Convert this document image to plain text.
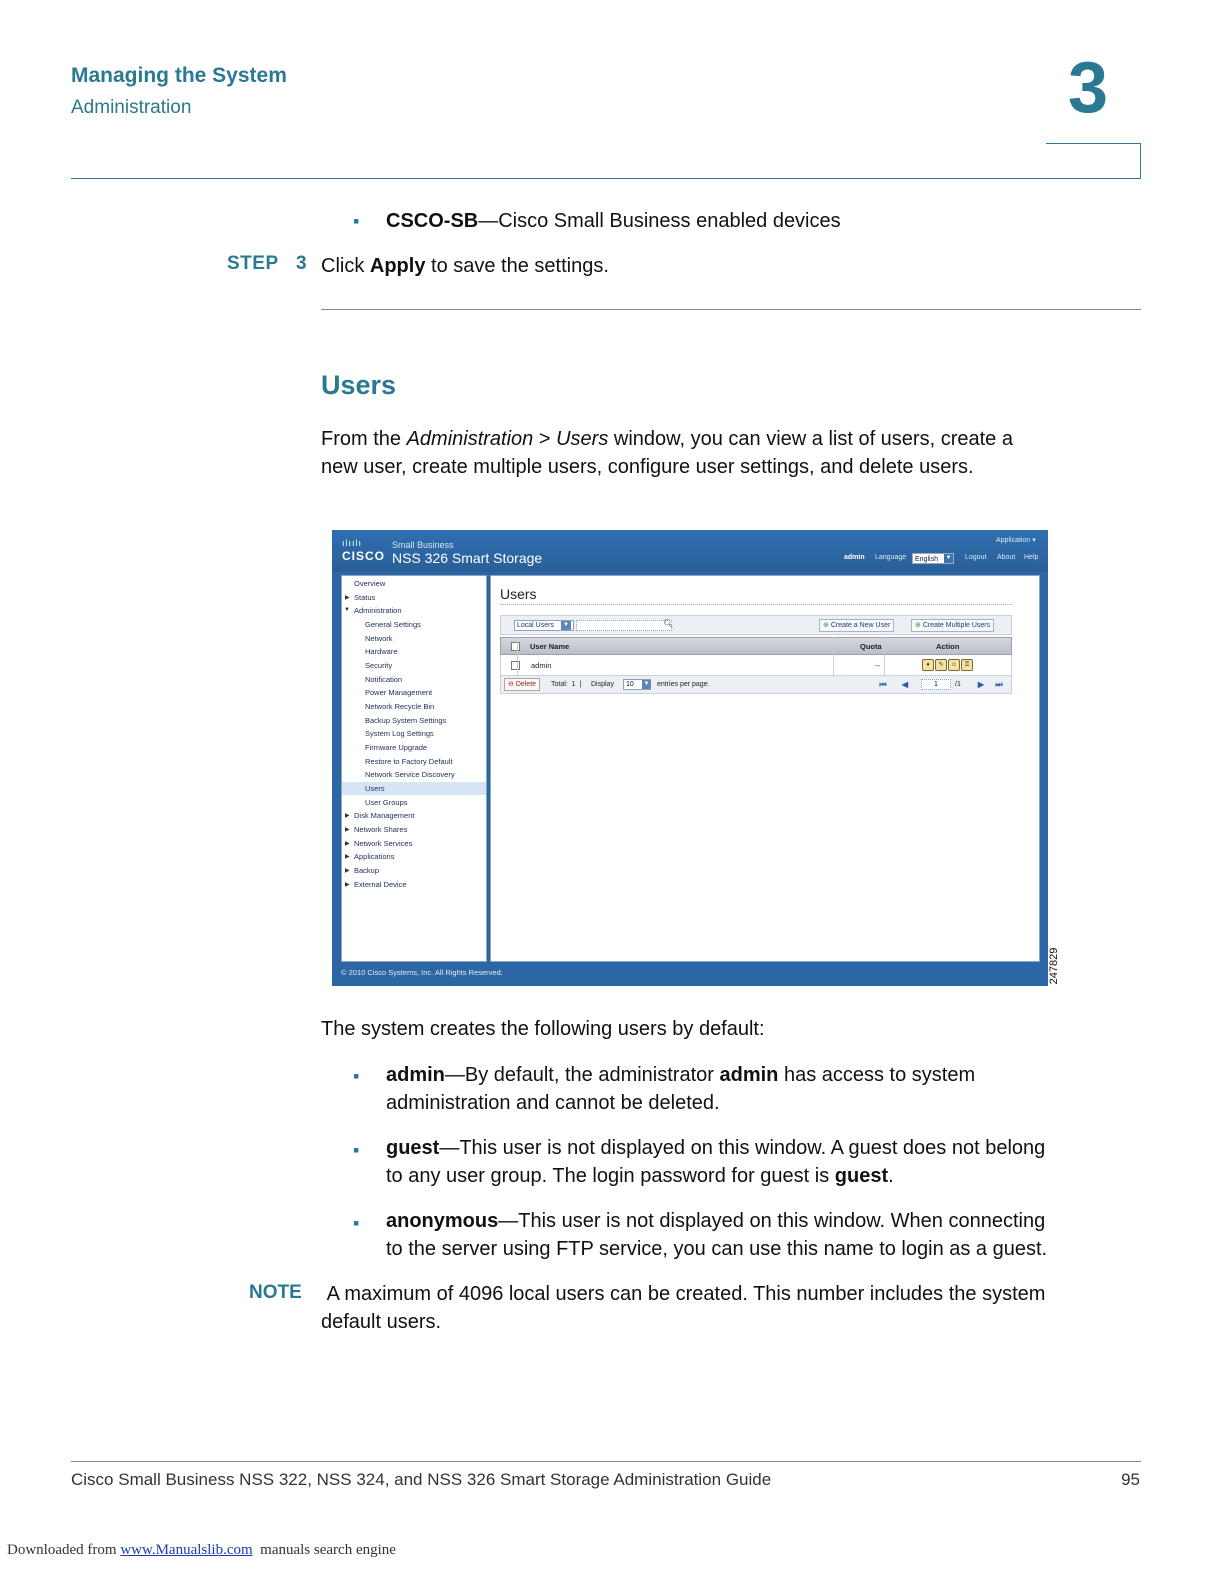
Managing the System
Administration	3
▪ CSCO-SB—Cisco Small Business enabled devices
STEP 3 Click Apply to save the settings.
Users
From the Administration > Users window, you can view a list of users, create a
new user, create multiple users, configure user settings, and delete users.
ılıılı
CISCO
Small Business
NSS 326 Smart Storage
Application ▾
admin Language	English	▼ Logout About Help
Overview
▶ Status
▼ Administration
General Settings
Network
Hardware
Security
Notification
Power Management
Network Recycle Bin
Backup System Settings
System Log Settings
Firmware Upgrade
Restore to Factory Default
Network Service Discovery
Users
User Groups
▶ Disk Management
▶ Network Shares
▶ Network Services
▶ Applications
▶ Backup
▶ External Device
Users
Local Users	▼	🔍︎	⊕ Create a New User	⊕ Create Multiple Users
User Name	Quota	Action
admin	--	♦	✎	☺	⚿
⊖ Delete	Total: 1  | Display	10	▼ entries per page.	⏮	◀	1	/1	▶	⏭
© 2010 Cisco Systems, Inc. All Rights Reserved.	247829
The system creates the following users by default:
▪ admin—By default, the administrator admin has access to system
administration and cannot be deleted.
▪ guest—This user is not displayed on this window. A guest does not belong
to any user group. The login password for guest is guest.
▪ anonymous—This user is not displayed on this window. When connecting
to the server using FTP service, you can use this name to login as a guest.
NOTE A maximum of 4096 local users can be created. This number includes the system
default users.
Cisco Small Business NSS 322, NSS 324, and NSS 326 Smart Storage Administration Guide	95
Downloaded from www.Manualslib.com  manuals search engine
